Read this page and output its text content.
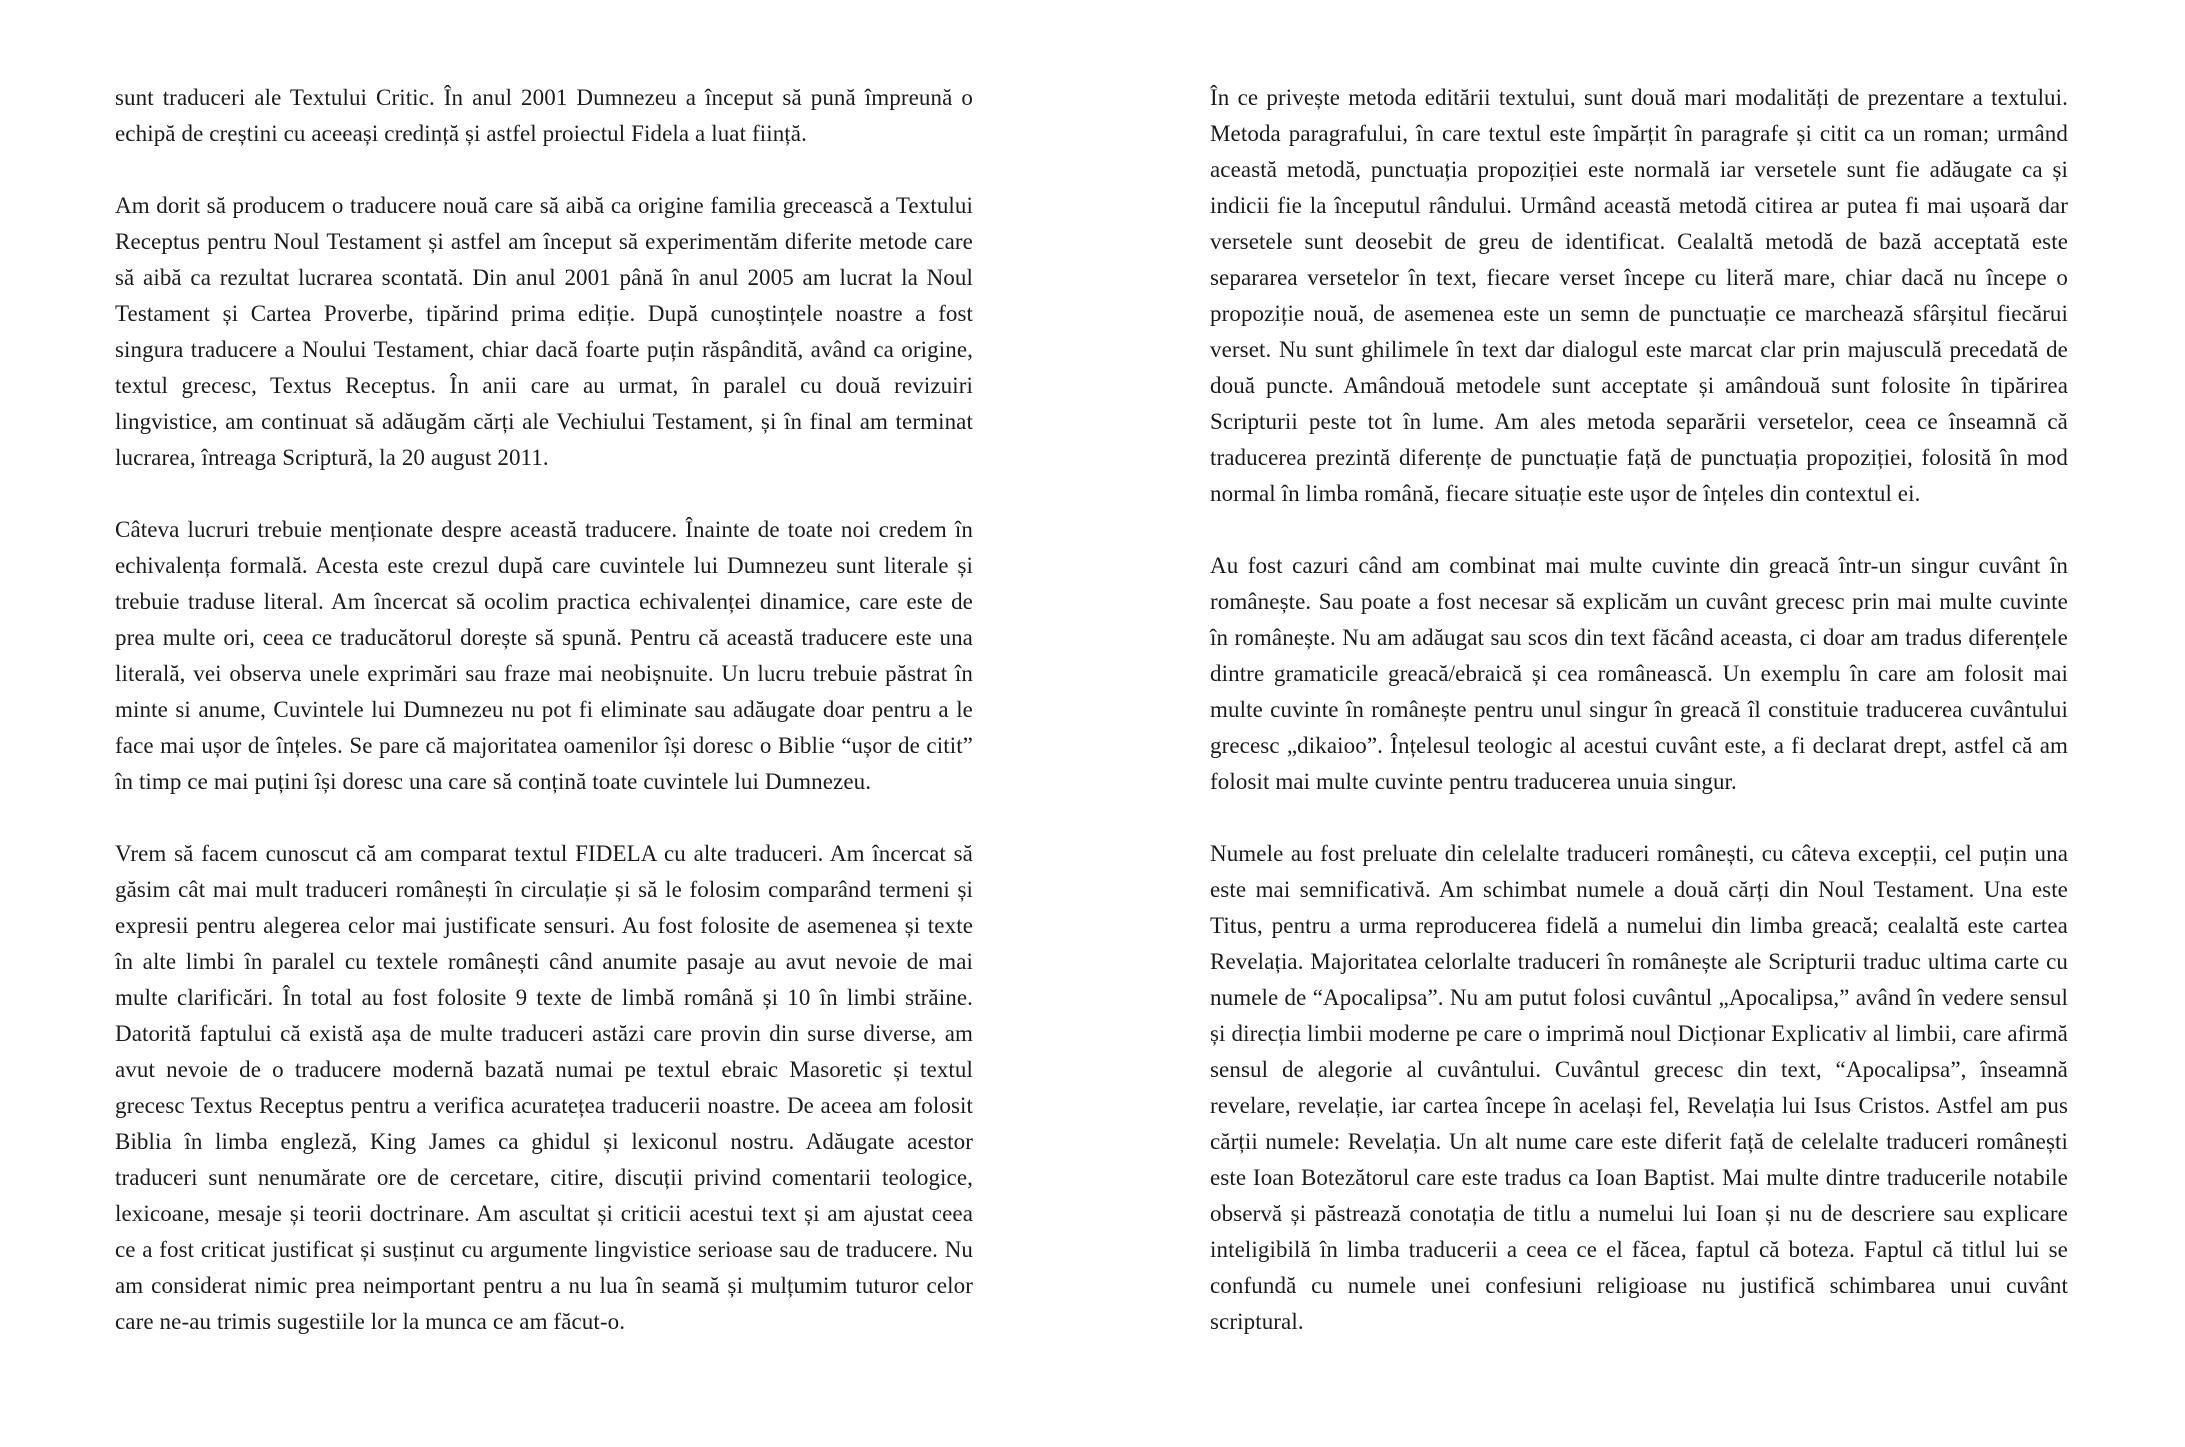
sunt traduceri ale Textului Critic. În anul 2001 Dumnezeu a început să pună împreună o echipă de creștini cu aceeași credință și astfel proiectul Fidela a luat ființă.

Am dorit să producem o traducere nouă care să aibă ca origine familia grecească a Textului Receptus pentru Noul Testament și astfel am început să experimentăm diferite metode care să aibă ca rezultat lucrarea scontată. Din anul 2001 până în anul 2005 am lucrat la Noul Testament și Cartea Proverbe, tipărind prima ediție. După cunoștințele noastre a fost singura traducere a Noului Testament, chiar dacă foarte puțin răspândită, având ca origine, textul grecesc, Textus Receptus. În anii care au urmat, în paralel cu două revizuiri lingvistice, am continuat să adăugăm cărți ale Vechiului Testament, și în final am terminat lucrarea, întreaga Scriptură, la 20 august 2011.

Câteva lucruri trebuie menționate despre această traducere. Înainte de toate noi credem în echivalența formală. Acesta este crezul după care cuvintele lui Dumnezeu sunt literale și trebuie traduse literal. Am încercat să ocolim practica echivalenței dinamice, care este de prea multe ori, ceea ce traducătorul dorește să spună. Pentru că această traducere este una literală, vei observa unele exprimări sau fraze mai neobișnuite. Un lucru trebuie păstrat în minte si anume, Cuvintele lui Dumnezeu nu pot fi eliminate sau adăugate doar pentru a le face mai ușor de înțeles. Se pare că majoritatea oamenilor își doresc o Biblie “ușor de citit” în timp ce mai puțini își doresc una care să conțină toate cuvintele lui Dumnezeu.

Vrem să facem cunoscut că am comparat textul FIDELA cu alte traduceri. Am încercat să găsim cât mai mult traduceri românești în circulație și să le folosim comparând termeni și expresii pentru alegerea celor mai justificate sensuri. Au fost folosite de asemenea și texte în alte limbi în paralel cu textele românești când anumite pasaje au avut nevoie de mai multe clarificări. În total au fost folosite 9 texte de limbă română și 10 în limbi străine. Datorită faptului că există așa de multe traduceri astăzi care provin din surse diverse, am avut nevoie de o traducere modernă bazată numai pe textul ebraic Masoretic și textul grecesc Textus Receptus pentru a verifica acuratețea traducerii noastre. De aceea am folosit Biblia în limba engleză, King James ca ghidul și lexiconul nostru. Adăugate acestor traduceri sunt nenumărate ore de cercetare, citire, discuții privind comentarii teologice, lexicoane, mesaje și teorii doctrinare. Am ascultat și criticii acestui text și am ajustat ceea ce a fost criticat justificat și susținut cu argumente lingvistice serioase sau de traducere. Nu am considerat nimic prea neimportant pentru a nu lua în seamă și mulțumim tuturor celor care ne-au trimis sugestiile lor la munca ce am făcut-o.

În ce privește metoda editării textului, sunt două mari modalități de prezentare a textului. Metoda paragrafului, în care textul este împărțit în paragrafe și citit ca un roman; urmând această metodă, punctuația propoziției este normală iar versetele sunt fie adăugate ca și indicii fie la începutul rândului. Urmând această metodă citirea ar putea fi mai ușoară dar versetele sunt deosebit de greu de identificat. Cealaltă metodă de bază acceptată este separarea versetelor în text, fiecare verset începe cu literă mare, chiar dacă nu începe o propoziție nouă, de asemenea este un semn de punctuație ce marchează sfârșitul fiecărui verset. Nu sunt ghilimele în text dar dialogul este marcat clar prin majusculă precedată de două puncte. Amândouă metodele sunt acceptate și amândouă sunt folosite în tipărirea Scripturii peste tot în lume. Am ales metoda separării versetelor, ceea ce înseamnă că traducerea prezintă diferențe de punctuație față de punctuația propoziției, folosită în mod normal în limba română, fiecare situație este ușor de înțeles din contextul ei.

Au fost cazuri când am combinat mai multe cuvinte din greacă într-un singur cuvânt în românește. Sau poate a fost necesar să explicăm un cuvânt grecesc prin mai multe cuvinte în românește. Nu am adăugat sau scos din text făcând aceasta, ci doar am tradus diferențele dintre gramaticile greacă/ebraică și cea românească. Un exemplu în care am folosit mai multe cuvinte în românește pentru unul singur în greacă îl constituie traducerea cuvântului grecesc „dikaioo”. Înțelesul teologic al acestui cuvânt este, a fi declarat drept, astfel că am folosit mai multe cuvinte pentru traducerea unuia singur.

Numele au fost preluate din celelalte traduceri românești, cu câteva excepții, cel puțin una este mai semnificativă. Am schimbat numele a două cărți din Noul Testament. Una este Titus, pentru a urma reproducerea fidelă a numelui din limba greacă; cealaltă este cartea Revelația. Majoritatea celorlalte traduceri în românește ale Scripturii traduc ultima carte cu numele de “Apocalipsa”. Nu am putut folosi cuvântul „Apocalipsa,” având în vedere sensul și direcția limbii moderne pe care o imprimă noul Dicționar Explicativ al limbii, care afirmă sensul de alegorie al cuvântului. Cuvântul grecesc din text, “Apocalipsa”, înseamnă revelare, revelație, iar cartea începe în același fel, Revelația lui Isus Cristos. Astfel am pus cărții numele: Revelația. Un alt nume care este diferit față de celelalte traduceri românești este Ioan Botezătorul care este tradus ca Ioan Baptist. Mai multe dintre traducerile notabile observă și păstrează conotația de titlu a numelui lui Ioan și nu de descriere sau explicare inteligibilă în limba traducerii a ceea ce el făcea, faptul că boteza. Faptul că titlul lui se confundă cu numele unei confesiuni religioase nu justifică schimbarea unui cuvânt scriptural.
